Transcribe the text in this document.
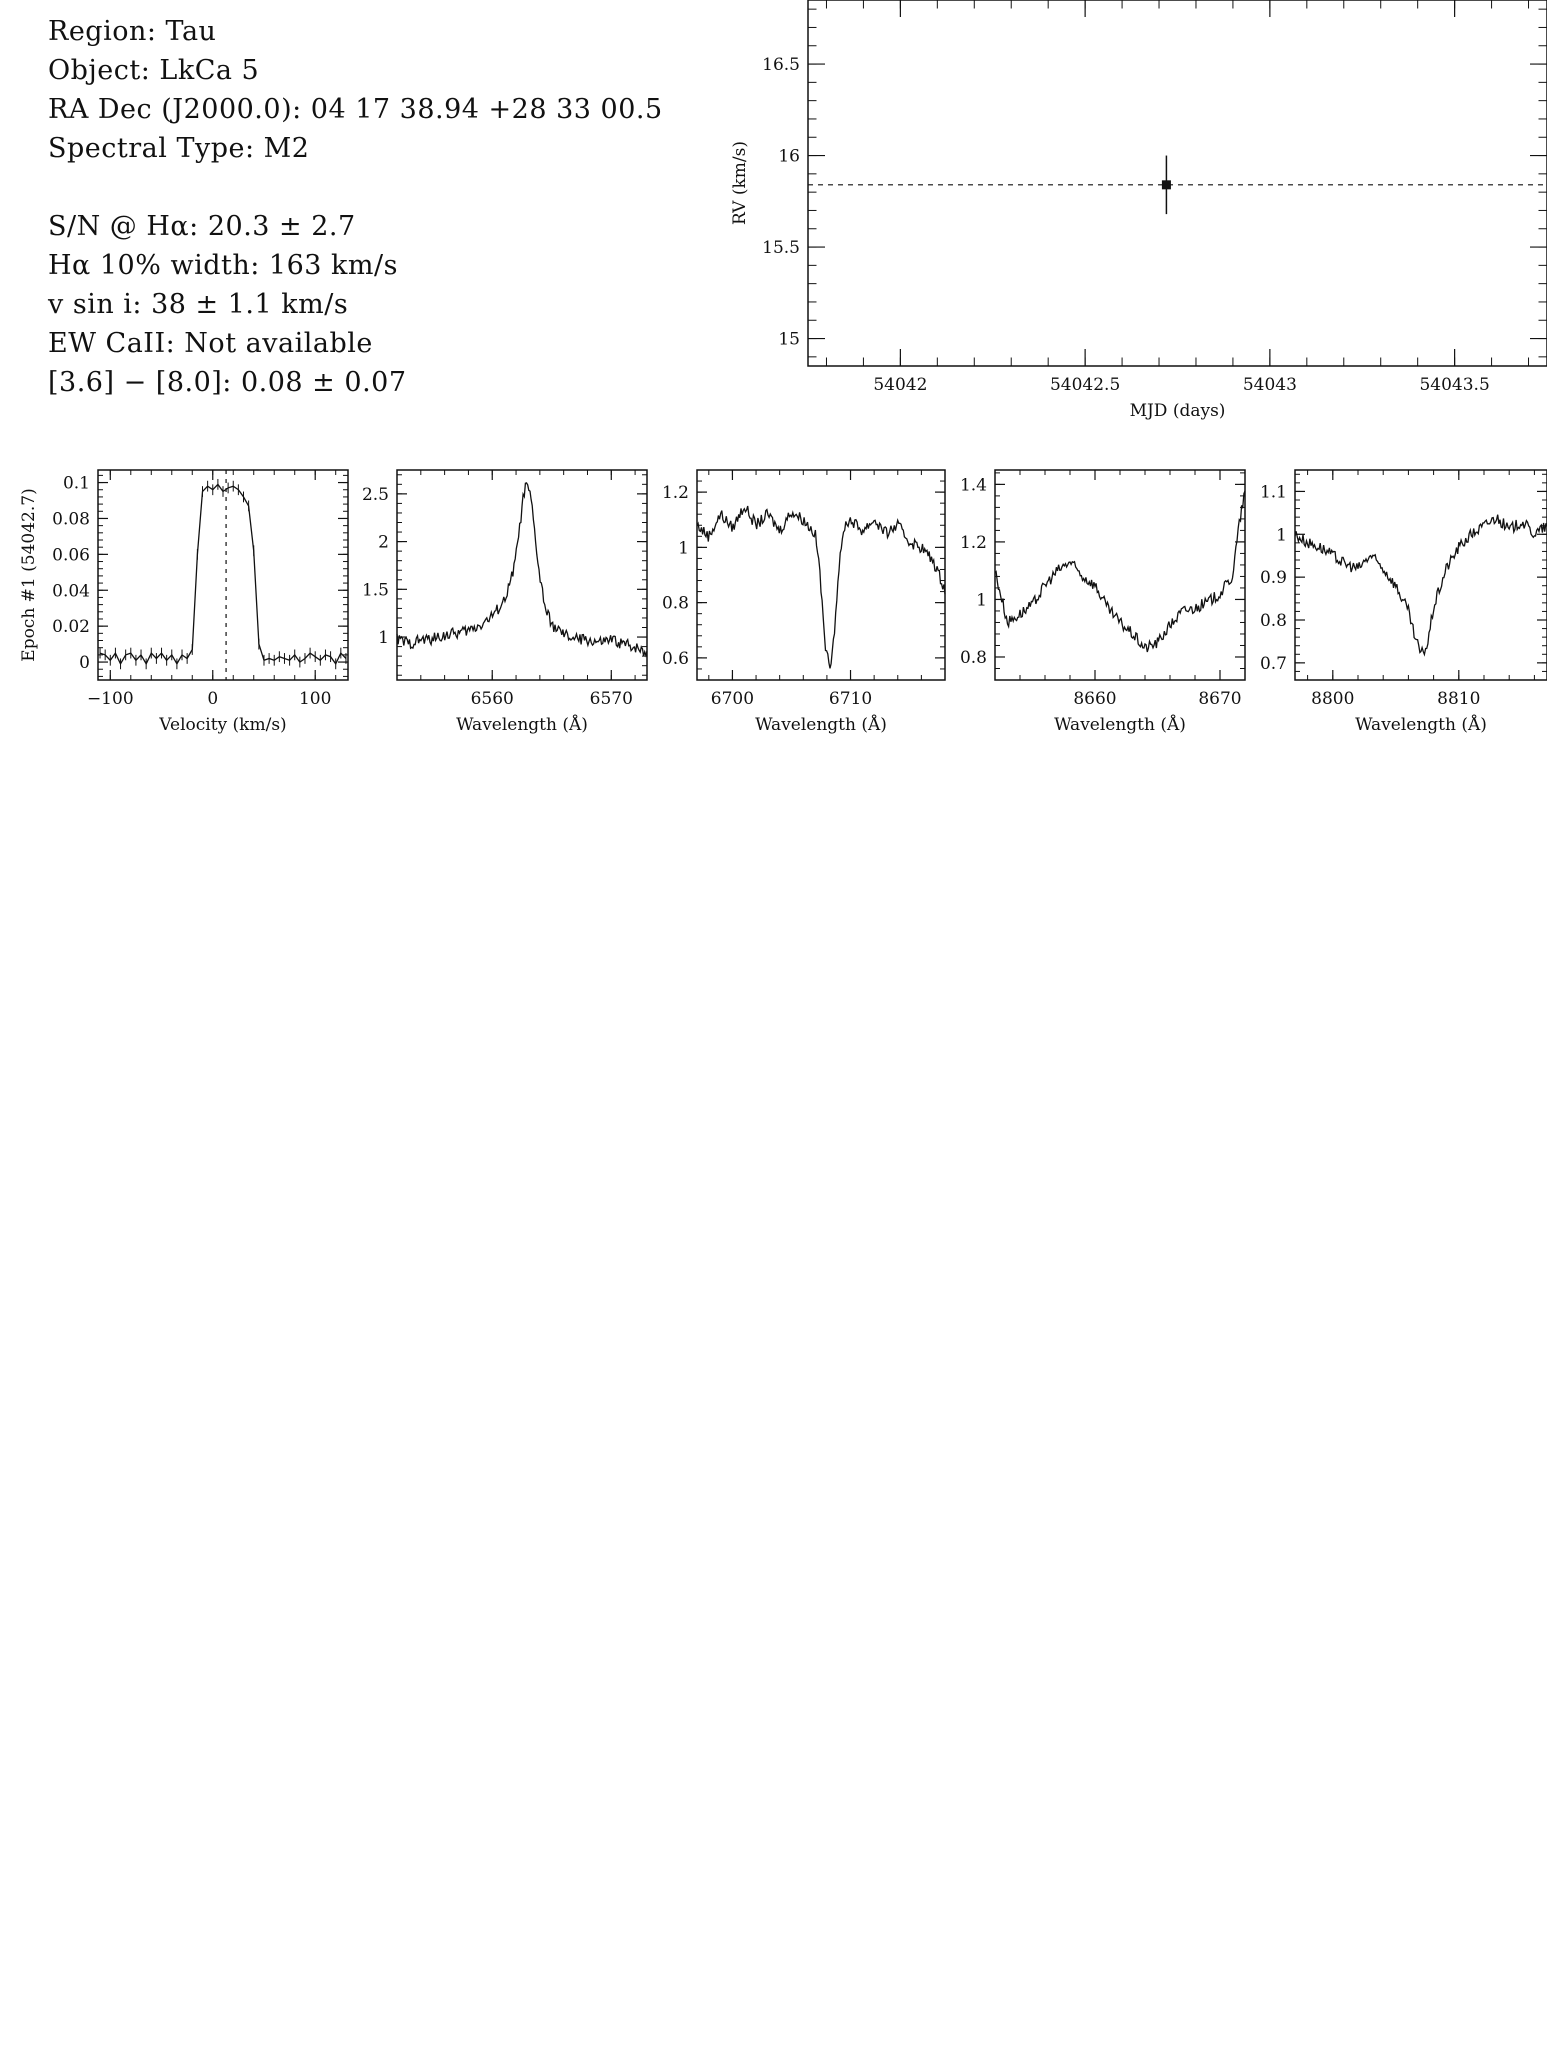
Region: Tau
Object: LkCa 5
RA Dec (J2000.0): 04 17 38.94 +28 33 00.5
Spectral Type: M2
S/N @ Hα: 20.3 ± 2.7
Hα 10% width: 163 km/s
v sin i: 38 ± 1.1 km/s
EW CaII: Not available
[3.6] − [8.0]: 0.08 ± 0.07	54042	54042.5	54043	54043.5
15
15.5
16
16.5
MJD (days)
RV (km/s)
−100	0	100
0
0.02
0.04
0.06
0.08
0.1
Velocity (km/s)
Epoch #1 (54042.7)
6560	6570
1
1.5
2
2.5
Wavelength (Å)
6700	6710
0.6
0.8
1
1.2
Wavelength (Å)
8660	8670
0.8
1
1.2
1.4
Wavelength (Å)
8800	8810
0.7
0.8
0.9
1
1.1
Wavelength (Å)
